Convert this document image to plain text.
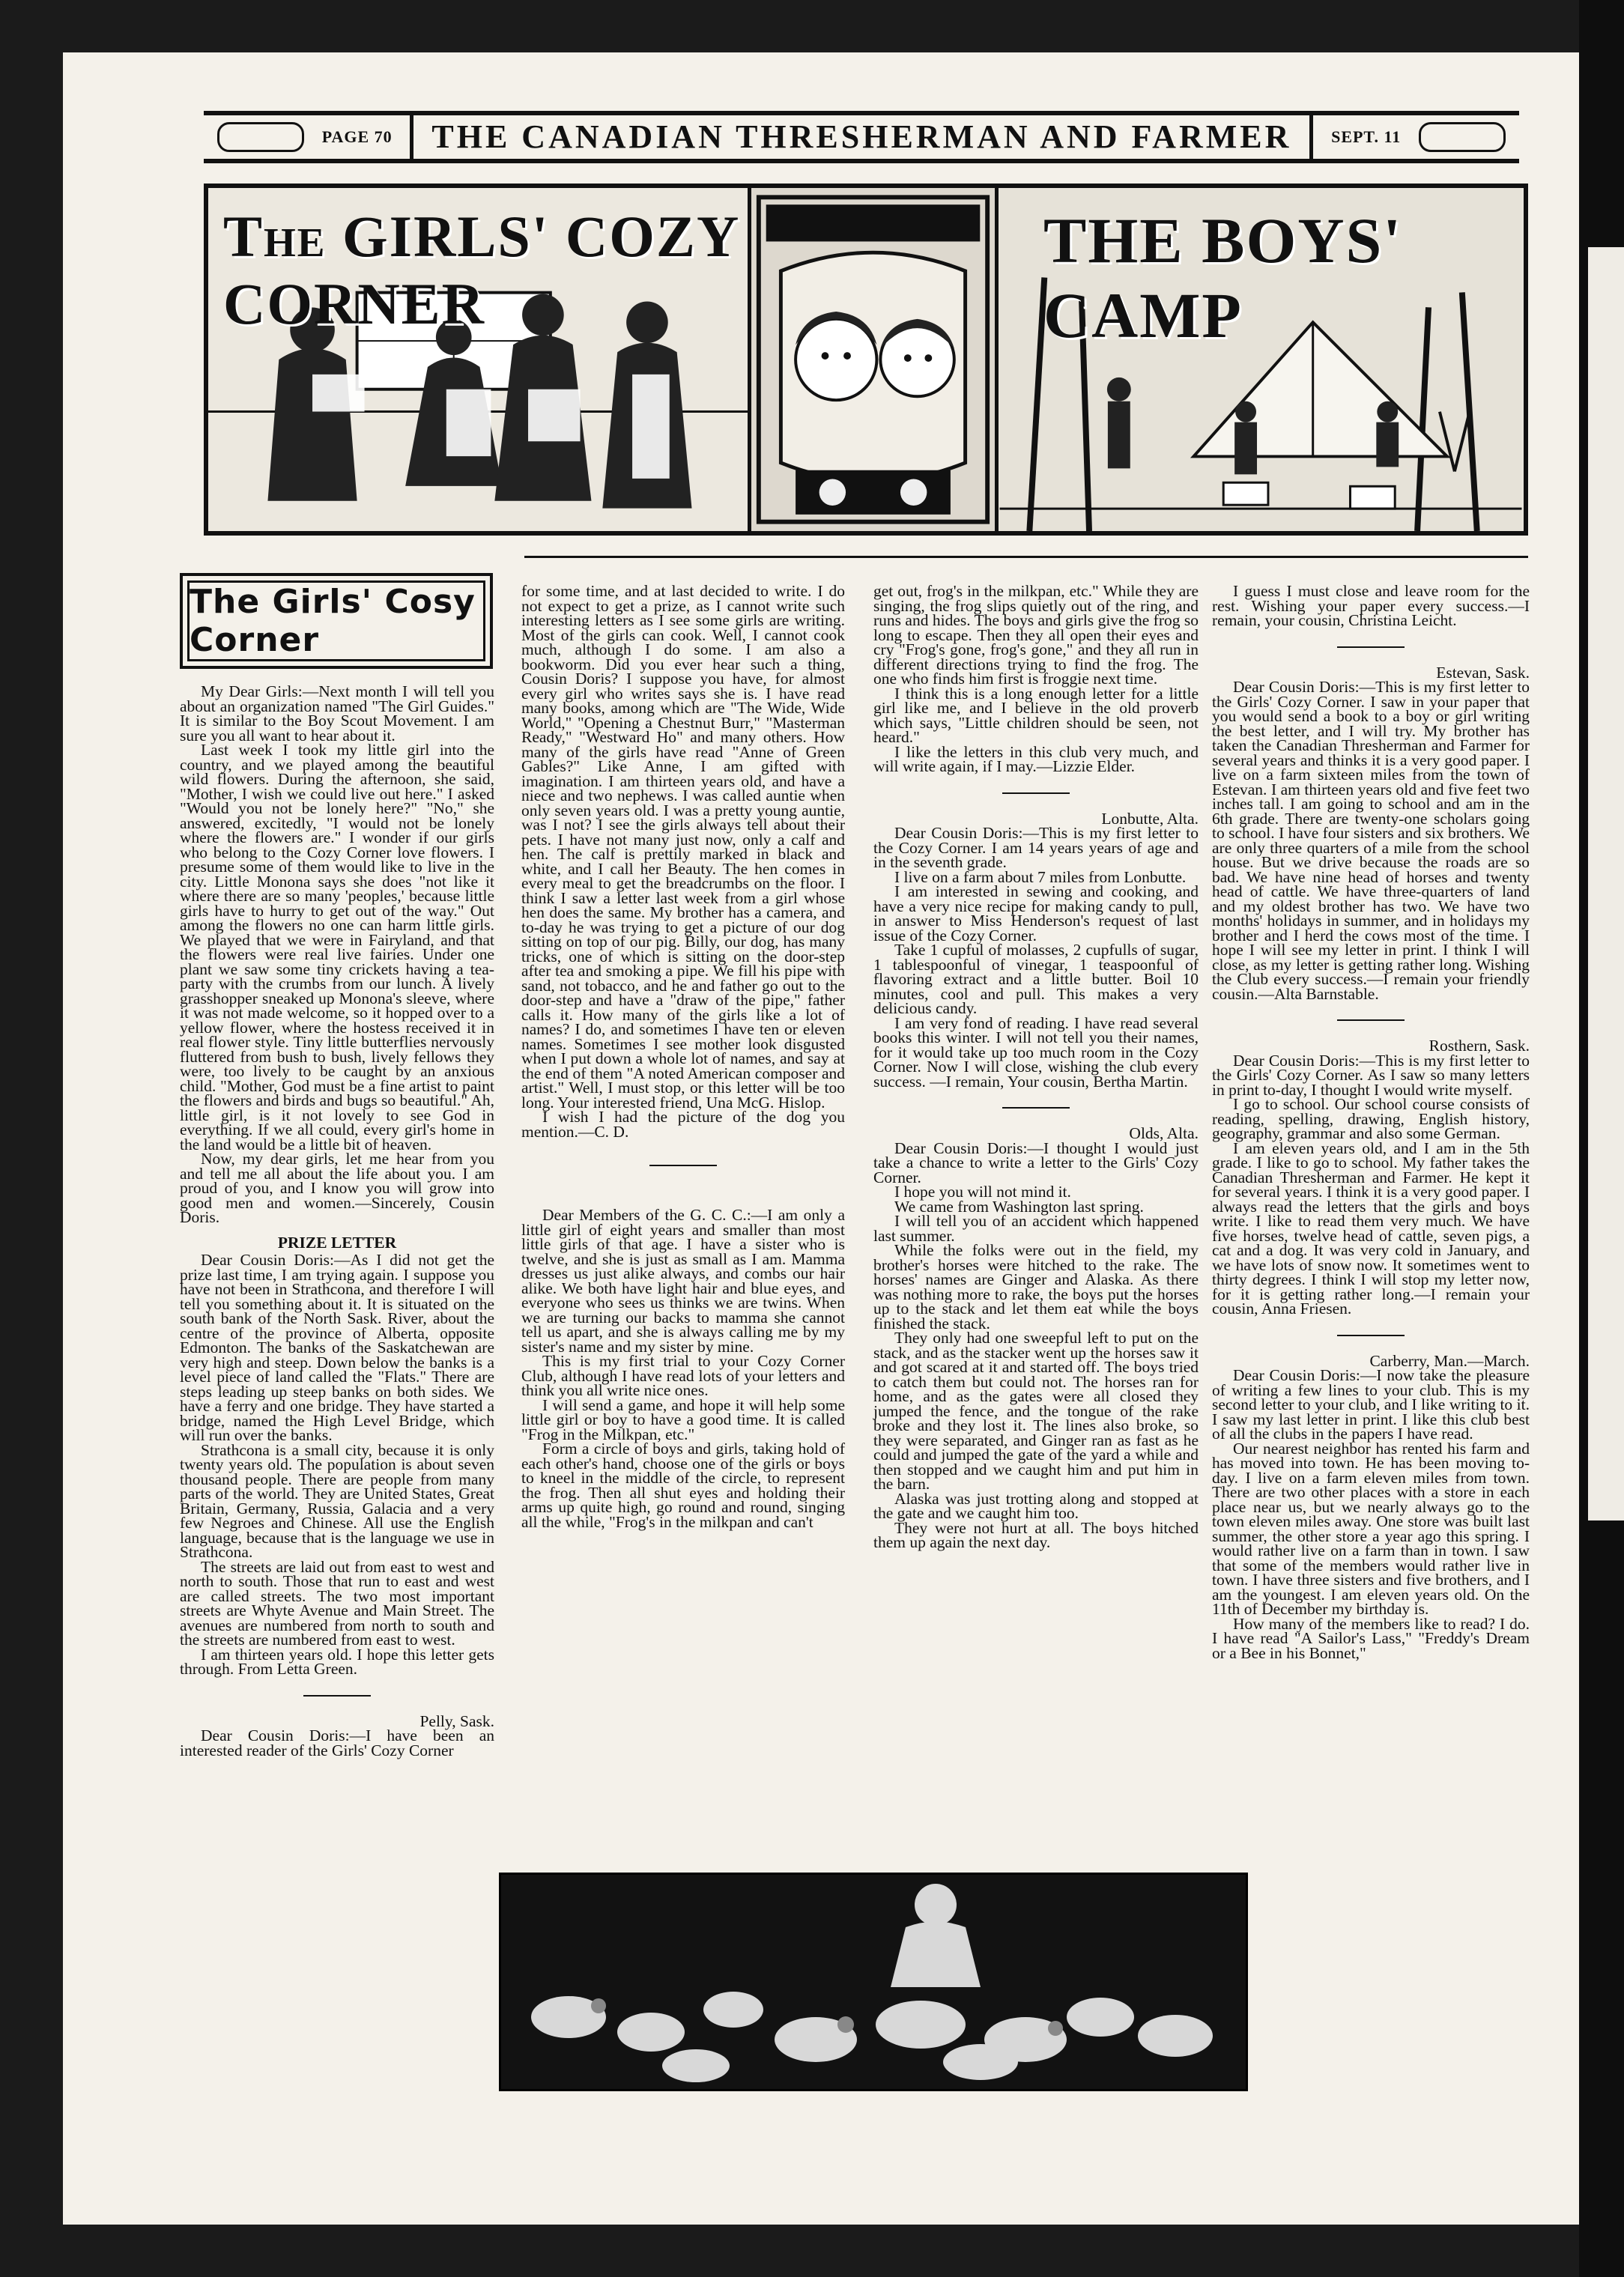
PAGE 70	THE CANADIAN THRESHERMAN AND FARMER	SEPT. 11
The GIRLS' COZY CORNER
THE BOYS' CAMP
The Girls' Cosy Corner

My Dear Girls:—Next month I will tell you about an organization named "The Girl Guides." It is similar to the Boy Scout Movement. I am sure you all want to hear about it.

Last week I took my little girl into the country, and we played among the beautiful wild flowers. During the afternoon, she said, "Mother, I wish we could live out here." I asked "Would you not be lonely here?" "No," she answered, excitedly, "I would not be lonely where the flowers are." I wonder if our girls who belong to the Cozy Corner love flowers. I presume some of them would like to live in the city. Little Monona says she does "not like it where there are so many 'peoples,' because little girls have to hurry to get out of the way." Out among the flowers no one can harm little girls. We played that we were in Fairyland, and that the flowers were real live fairies. Under one plant we saw some tiny crickets having a tea-party with the crumbs from our lunch. A lively grasshopper sneaked up Monona's sleeve, where it was not made welcome, so it hopped over to a yellow flower, where the hostess received it in real flower style. Tiny little butterflies nervously fluttered from bush to bush, lively fellows they were, too lively to be caught by an anxious child. "Mother, God must be a fine artist to paint the flowers and birds and bugs so beautiful." Ah, little girl, is it not lovely to see God in everything. If we all could, every girl's home in the land would be a little bit of heaven.

Now, my dear girls, let me hear from you and tell me all about the life about you. I am proud of you, and I know you will grow into good men and women.—Sincerely, Cousin Doris.

PRIZE LETTER

Dear Cousin Doris:—As I did not get the prize last time, I am trying again. I suppose you have not been in Strathcona, and therefore I will tell you something about it. It is situated on the south bank of the North Sask. River, about the centre of the province of Alberta, opposite Edmonton. The banks of the Saskatchewan are very high and steep. Down below the banks is a level piece of land called the "Flats." There are steps leading up steep banks on both sides. We have a ferry and one bridge. They have started a bridge, named the High Level Bridge, which will run over the banks.

Strathcona is a small city, because it is only twenty years old. The population is about seven thousand people. There are people from many parts of the world. They are United States, Great Britain, Germany, Russia, Galacia and a very few Negroes and Chinese. All use the English language, because that is the language we use in Strathcona.

The streets are laid out from east to west and north to south. Those that run to east and west are called streets. The two most important streets are Whyte Avenue and Main Street. The avenues are numbered from north to south and the streets are numbered from east to west.

I am thirteen years old. I hope this letter gets through. From Letta Green.

Pelly, Sask.

Dear Cousin Doris:—I have been an interested reader of the Girls' Cozy Corner

for some time, and at last decided to write. I do not expect to get a prize, as I cannot write such interesting letters as I see some girls are writing. Most of the girls can cook. Well, I cannot cook much, although I do some. I am also a bookworm. Did you ever hear such a thing, Cousin Doris? I suppose you have, for almost every girl who writes says she is. I have read many books, among which are "The Wide, Wide World," "Opening a Chestnut Burr," "Masterman Ready," "Westward Ho" and many others. How many of the girls have read "Anne of Green Gables?" Like Anne, I am gifted with imagination. I am thirteen years old, and have a niece and two nephews. I was called auntie when only seven years old. I was a pretty young auntie, was I not? I see the girls always tell about their pets. I have not many just now, only a calf and hen. The calf is prettily marked in black and white, and I call her Beauty. The hen comes in every meal to get the breadcrumbs on the floor. I think I saw a letter last week from a girl whose hen does the same. My brother has a camera, and to-day he was trying to get a picture of our dog sitting on top of our pig. Billy, our dog, has many tricks, one of which is sitting on the door-step after tea and smoking a pipe. We fill his pipe with sand, not tobacco, and he and father go out to the door-step and have a "draw of the pipe," father calls it. How many of the girls like a lot of names? I do, and sometimes I have ten or eleven names. Sometimes I see mother look disgusted when I put down a whole lot of names, and say at the end of them "A noted American composer and artist." Well, I must stop, or this letter will be too long. Your interested friend, Una McG. Hislop.

I wish I had the picture of the dog you mention.—C. D.

Dear Members of the G. C. C.:—I am only a little girl of eight years and smaller than most little girls of that age. I have a sister who is twelve, and she is just as small as I am. Mamma dresses us just alike always, and combs our hair alike. We both have light hair and blue eyes, and everyone who sees us thinks we are twins. When we are turning our backs to mamma she cannot tell us apart, and she is always calling me by my sister's name and my sister by mine.

This is my first trial to your Cozy Corner Club, although I have read lots of your letters and think you all write nice ones.

I will send a game, and hope it will help some little girl or boy to have a good time. It is called "Frog in the Milkpan, etc."

Form a circle of boys and girls, taking hold of each other's hand, choose one of the girls or boys to kneel in the middle of the circle, to represent the frog. Then all shut eyes and holding their arms up quite high, go round and round, singing all the while, "Frog's in the milkpan and can't

get out, frog's in the milkpan, etc." While they are singing, the frog slips quietly out of the ring, and runs and hides. The boys and girls give the frog so long to escape. Then they all open their eyes and cry "Frog's gone, frog's gone," and they all run in different directions trying to find the frog. The one who finds him first is froggie next time.

I think this is a long enough letter for a little girl like me, and I believe in the old proverb which says, "Little children should be seen, not heard."

I like the letters in this club very much, and will write again, if I may.—Lizzie Elder.

Lonbutte, Alta.

Dear Cousin Doris:—This is my first letter to the Cozy Corner. I am 14 years years of age and in the seventh grade.

I live on a farm about 7 miles from Lonbutte.

I am interested in sewing and cooking, and have a very nice recipe for making candy to pull, in answer to Miss Henderson's request of last issue of the Cozy Corner.

Take 1 cupful of molasses, 2 cupfulls of sugar, 1 tablespoonful of vinegar, 1 teaspoonful of flavoring extract and a little butter. Boil 10 minutes, cool and pull. This makes a very delicious candy.

I am very fond of reading. I have read several books this winter. I will not tell you their names, for it would take up too much room in the Cozy Corner. Now I will close, wishing the club every success. —I remain, Your cousin, Bertha Martin.

Olds, Alta.

Dear Cousin Doris:—I thought I would just take a chance to write a letter to the Girls' Cozy Corner.

I hope you will not mind it.

We came from Washington last spring.

I will tell you of an accident which happened last summer.

While the folks were out in the field, my brother's horses were hitched to the rake. The horses' names are Ginger and Alaska. As there was nothing more to rake, the boys put the horses up to the stack and let them eat while the boys finished the stack.

They only had one sweepful left to put on the stack, and as the stacker went up the horses saw it and got scared at it and started off. The boys tried to catch them but could not. The horses ran for home, and as the gates were all closed they jumped the fence, and the tongue of the rake broke and they lost it. The lines also broke, so they were separated, and Ginger ran as fast as he could and jumped the gate of the yard a while and then stopped and we caught him and put him in the barn.

Alaska was just trotting along and stopped at the gate and we caught him too.

They were not hurt at all. The boys hitched them up again the next day.

I guess I must close and leave room for the rest. Wishing your paper every success.—I remain, your cousin, Christina Leicht.

Estevan, Sask.

Dear Cousin Doris:—This is my first letter to the Girls' Cozy Corner. I saw in your paper that you would send a book to a boy or girl writing the best letter, and I will try. My brother has taken the Canadian Thresherman and Farmer for several years and thinks it is a very good paper. I live on a farm sixteen miles from the town of Estevan. I am thirteen years old and five feet two inches tall. I am going to school and am in the 6th grade. There are twenty-one scholars going to school. I have four sisters and six brothers. We are only three quarters of a mile from the school house. But we drive because the roads are so bad. We have nine head of horses and twenty head of cattle. We have three-quarters of land and my oldest brother has two. We have two months' holidays in summer, and in holidays my brother and I herd the cows most of the time. I hope I will see my letter in print. I think I will close, as my letter is getting rather long. Wishing the Club every success.—I remain your friendly cousin.—Alta Barnstable.

Rosthern, Sask.

Dear Cousin Doris:—This is my first letter to the Girls' Cozy Corner. As I saw so many letters in print to-day, I thought I would write myself.

I go to school. Our school course consists of reading, spelling, drawing, English history, geography, grammar and also some German.

I am eleven years old, and I am in the 5th grade. I like to go to school. My father takes the Canadian Thresherman and Farmer. He kept it for several years. I think it is a very good paper. I always read the letters that the girls and boys write. I like to read them very much. We have five horses, twelve head of cattle, seven pigs, a cat and a dog. It was very cold in January, and we have lots of snow now. It sometimes went to thirty degrees. I think I will stop my letter now, for it is getting rather long.—I remain your cousin, Anna Friesen.

Carberry, Man.—March.

Dear Cousin Doris:—I now take the pleasure of writing a few lines to your club. This is my second letter to your club, and I like writing to it. I saw my last letter in print. I like this club best of all the clubs in the papers I have read.

Our nearest neighbor has rented his farm and has moved into town. He has been moving to-day. I live on a farm eleven miles from town. There are two other places with a store in each place near us, but we nearly always go to the town eleven miles away. One store was built last summer, the other store a year ago this spring. I would rather live on a farm than in town. I saw that some of the members would rather live in town. I have three sisters and five brothers, and I am the youngest. I am eleven years old. On the 11th of December my birthday is.

How many of the members like to read? I do. I have read "A Sailor's Lass," "Freddy's Dream or a Bee in his Bonnet,"
